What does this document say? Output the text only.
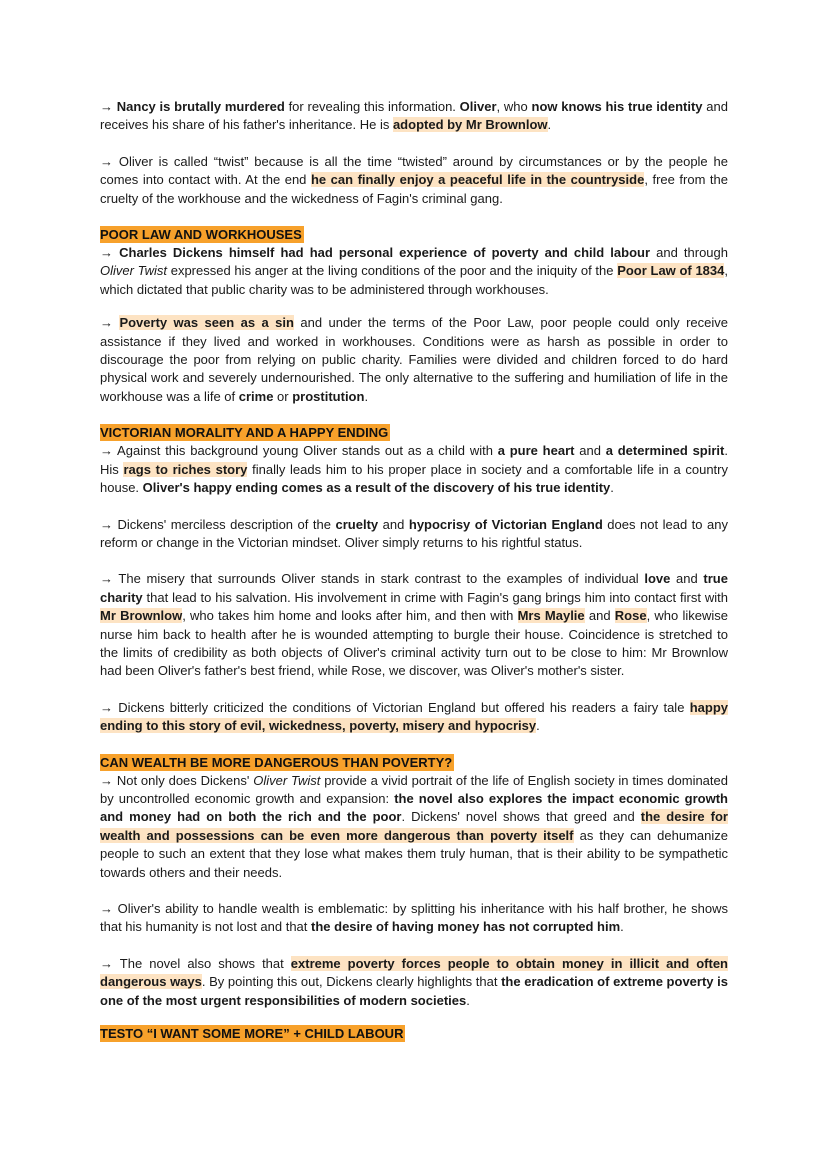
→ Nancy is brutally murdered for revealing this information. Oliver, who now knows his true identity and receives his share of his father's inheritance. He is adopted by Mr Brownlow.

→ Oliver is called “twist” because is all the time “twisted” around by circumstances or by the people he comes into contact with. At the end he can finally enjoy a peaceful life in the countryside, free from the cruelty of the workhouse and the wickedness of Fagin's criminal gang.

POOR LAW AND WORKHOUSES

→ Charles Dickens himself had had personal experience of poverty and child labour and through Oliver Twist expressed his anger at the living conditions of the poor and the iniquity of the Poor Law of 1834, which dictated that public charity was to be administered through workhouses.

→ Poverty was seen as a sin and under the terms of the Poor Law, poor people could only receive assistance if they lived and worked in workhouses. Conditions were as harsh as possible in order to discourage the poor from relying on public charity. Families were divided and children forced to do hard physical work and severely undernourished. The only alternative to the suffering and humiliation of life in the workhouse was a life of crime or prostitution.

VICTORIAN MORALITY AND A HAPPY ENDING

→ Against this background young Oliver stands out as a child with a pure heart and a determined spirit. His rags to riches story finally leads him to his proper place in society and a comfortable life in a country house. Oliver's happy ending comes as a result of the discovery of his true identity.

→ Dickens' merciless description of the cruelty and hypocrisy of Victorian England does not lead to any reform or change in the Victorian mindset. Oliver simply returns to his rightful status.

→ The misery that surrounds Oliver stands in stark contrast to the examples of individual love and true charity that lead to his salvation. His involvement in crime with Fagin's gang brings him into contact first with Mr Brownlow, who takes him home and looks after him, and then with Mrs Maylie and Rose, who likewise nurse him back to health after he is wounded attempting to burgle their house. Coincidence is stretched to the limits of credibility as both objects of Oliver's criminal activity turn out to be close to him: Mr Brownlow had been Oliver's father's best friend, while Rose, we discover, was Oliver's mother's sister.

→ Dickens bitterly criticized the conditions of Victorian England but offered his readers a fairy tale happy ending to this story of evil, wickedness, poverty, misery and hypocrisy.

CAN WEALTH BE MORE DANGEROUS THAN POVERTY?

→ Not only does Dickens' Oliver Twist provide a vivid portrait of the life of English society in times dominated by uncontrolled economic growth and expansion: the novel also explores the impact economic growth and money had on both the rich and the poor. Dickens' novel shows that greed and the desire for wealth and possessions can be even more dangerous than poverty itself as they can dehumanize people to such an extent that they lose what makes them truly human, that is their ability to be sympathetic towards others and their needs.

→ Oliver's ability to handle wealth is emblematic: by splitting his inheritance with his half brother, he shows that his humanity is not lost and that the desire of having money has not corrupted him.

→ The novel also shows that extreme poverty forces people to obtain money in illicit and often dangerous ways. By pointing this out, Dickens clearly highlights that the eradication of extreme poverty is one of the most urgent responsibilities of modern societies.

TESTO “I WANT SOME MORE” + CHILD LABOUR
